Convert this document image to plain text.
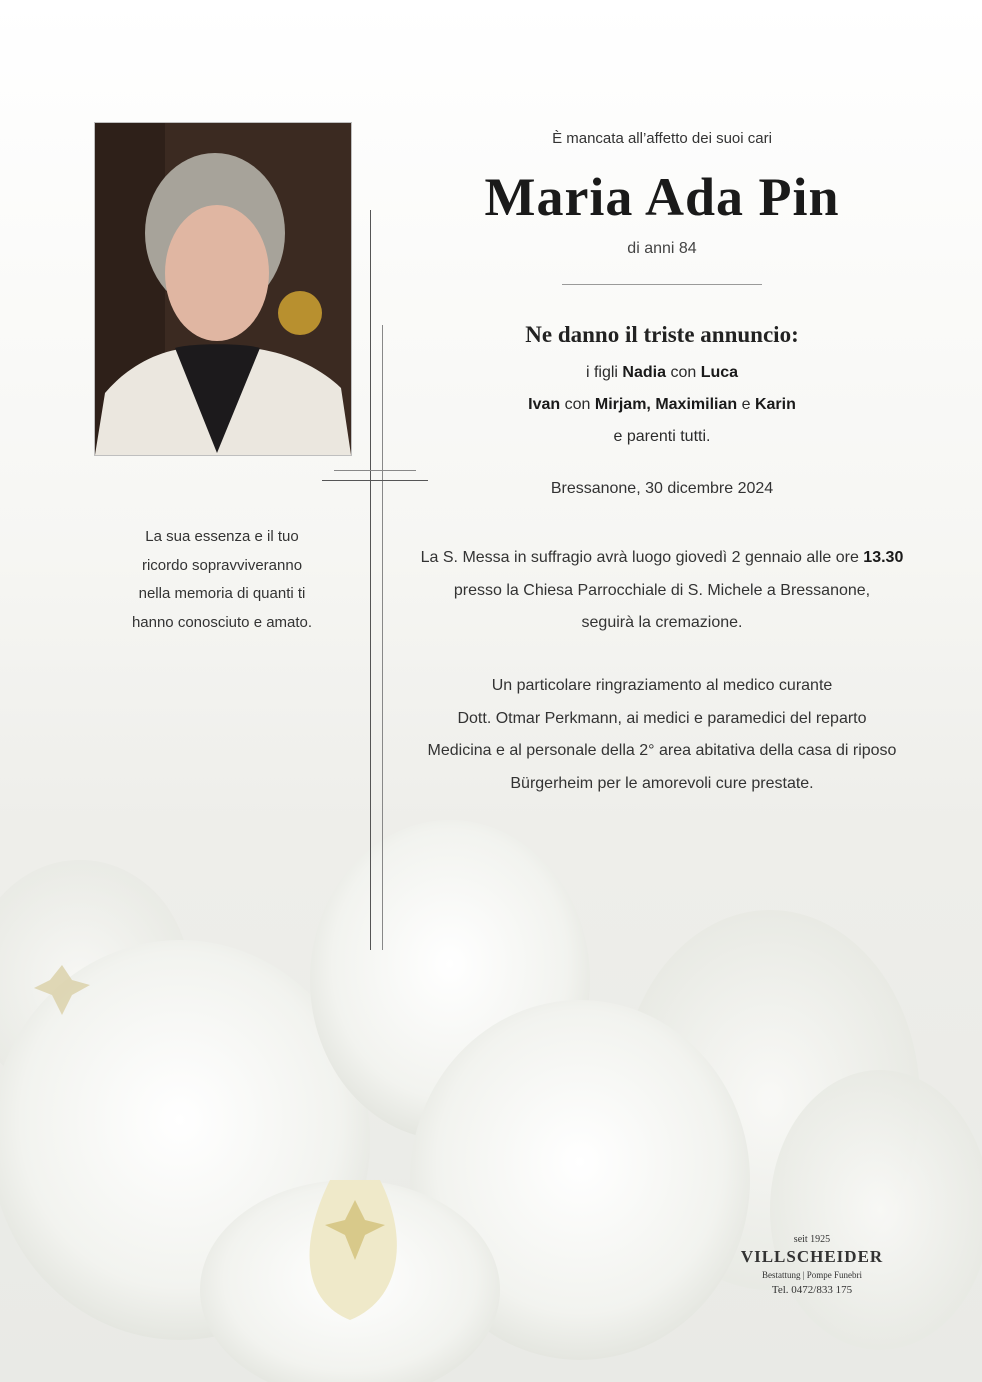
La sua essenza e il tuo
ricordo sopravviveranno
nella memoria di quanti ti
hanno conosciuto e amato.
È mancata all’affetto dei suoi cari
Maria Ada Pin
di anni 84
Ne danno il triste annuncio:
i figli Nadia con Luca
Ivan con Mirjam, Maximilian e Karin
e parenti tutti.
Bressanone, 30 dicembre 2024
La S. Messa in suffragio avrà luogo giovedì 2 gennaio alle ore 13.30
presso la Chiesa Parrocchiale di S. Michele a Bressanone,
seguirà la cremazione.
Un particolare ringraziamento al medico curante
Dott. Otmar Perkmann, ai medici e paramedici del reparto
Medicina e al personale della 2° area abitativa della casa di riposo
Bürgerheim per le amorevoli cure prestate.
seit 1925
VILLSCHEIDER
Bestattung | Pompe Funebri
Tel. 0472/833 175
